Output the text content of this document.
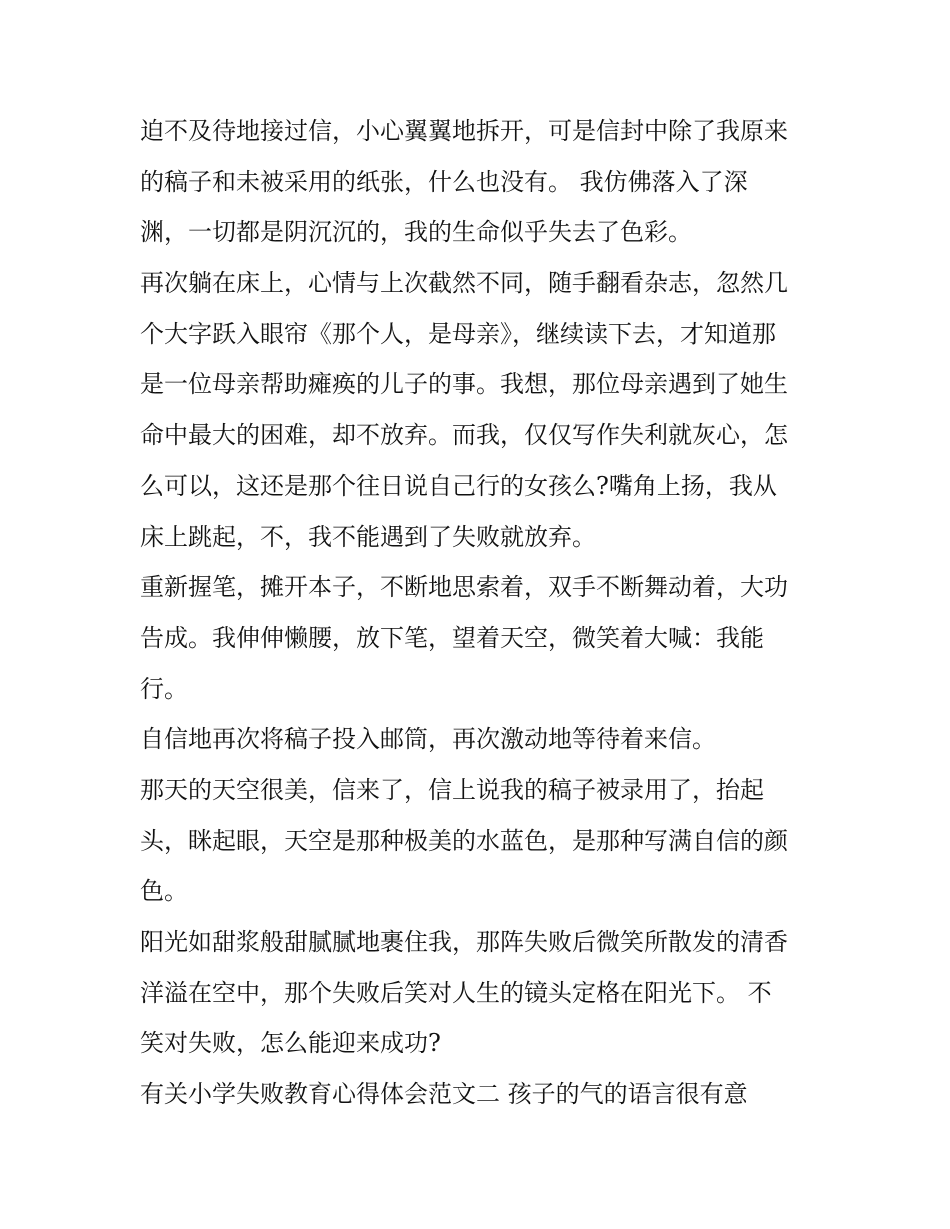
迫不及待地接过信，小心翼翼地拆开，可是信封中除了我原来
的稿子和未被采用的纸张，什么也没有。 我仿佛落入了深
渊，一切都是阴沉沉的，我的生命似乎失去了色彩。
再次躺在床上，心情与上次截然不同，随手翻看杂志，忽然几
个大字跃入眼帘《那个人，是母亲》，继续读下去，才知道那
是一位母亲帮助瘫痪的儿子的事。我想，那位母亲遇到了她生
命中最大的困难，却不放弃。而我，仅仅写作失利就灰心，怎
么可以，这还是那个往日说自己行的女孩么?嘴角上扬，我从
床上跳起，不，我不能遇到了失败就放弃。
重新握笔，摊开本子，不断地思索着，双手不断舞动着，大功
告成。我伸伸懒腰，放下笔，望着天空，微笑着大喊：我能
行。
自信地再次将稿子投入邮筒，再次激动地等待着来信。
那天的天空很美，信来了，信上说我的稿子被录用了，抬起
头，眯起眼，天空是那种极美的水蓝色，是那种写满自信的颜
色。
阳光如甜浆般甜腻腻地裹住我，那阵失败后微笑所散发的清香
洋溢在空中，那个失败后笑对人生的镜头定格在阳光下。 不
笑对失败，怎么能迎来成功?
有关小学失败教育心得体会范文二 孩子的气的语言很有意
